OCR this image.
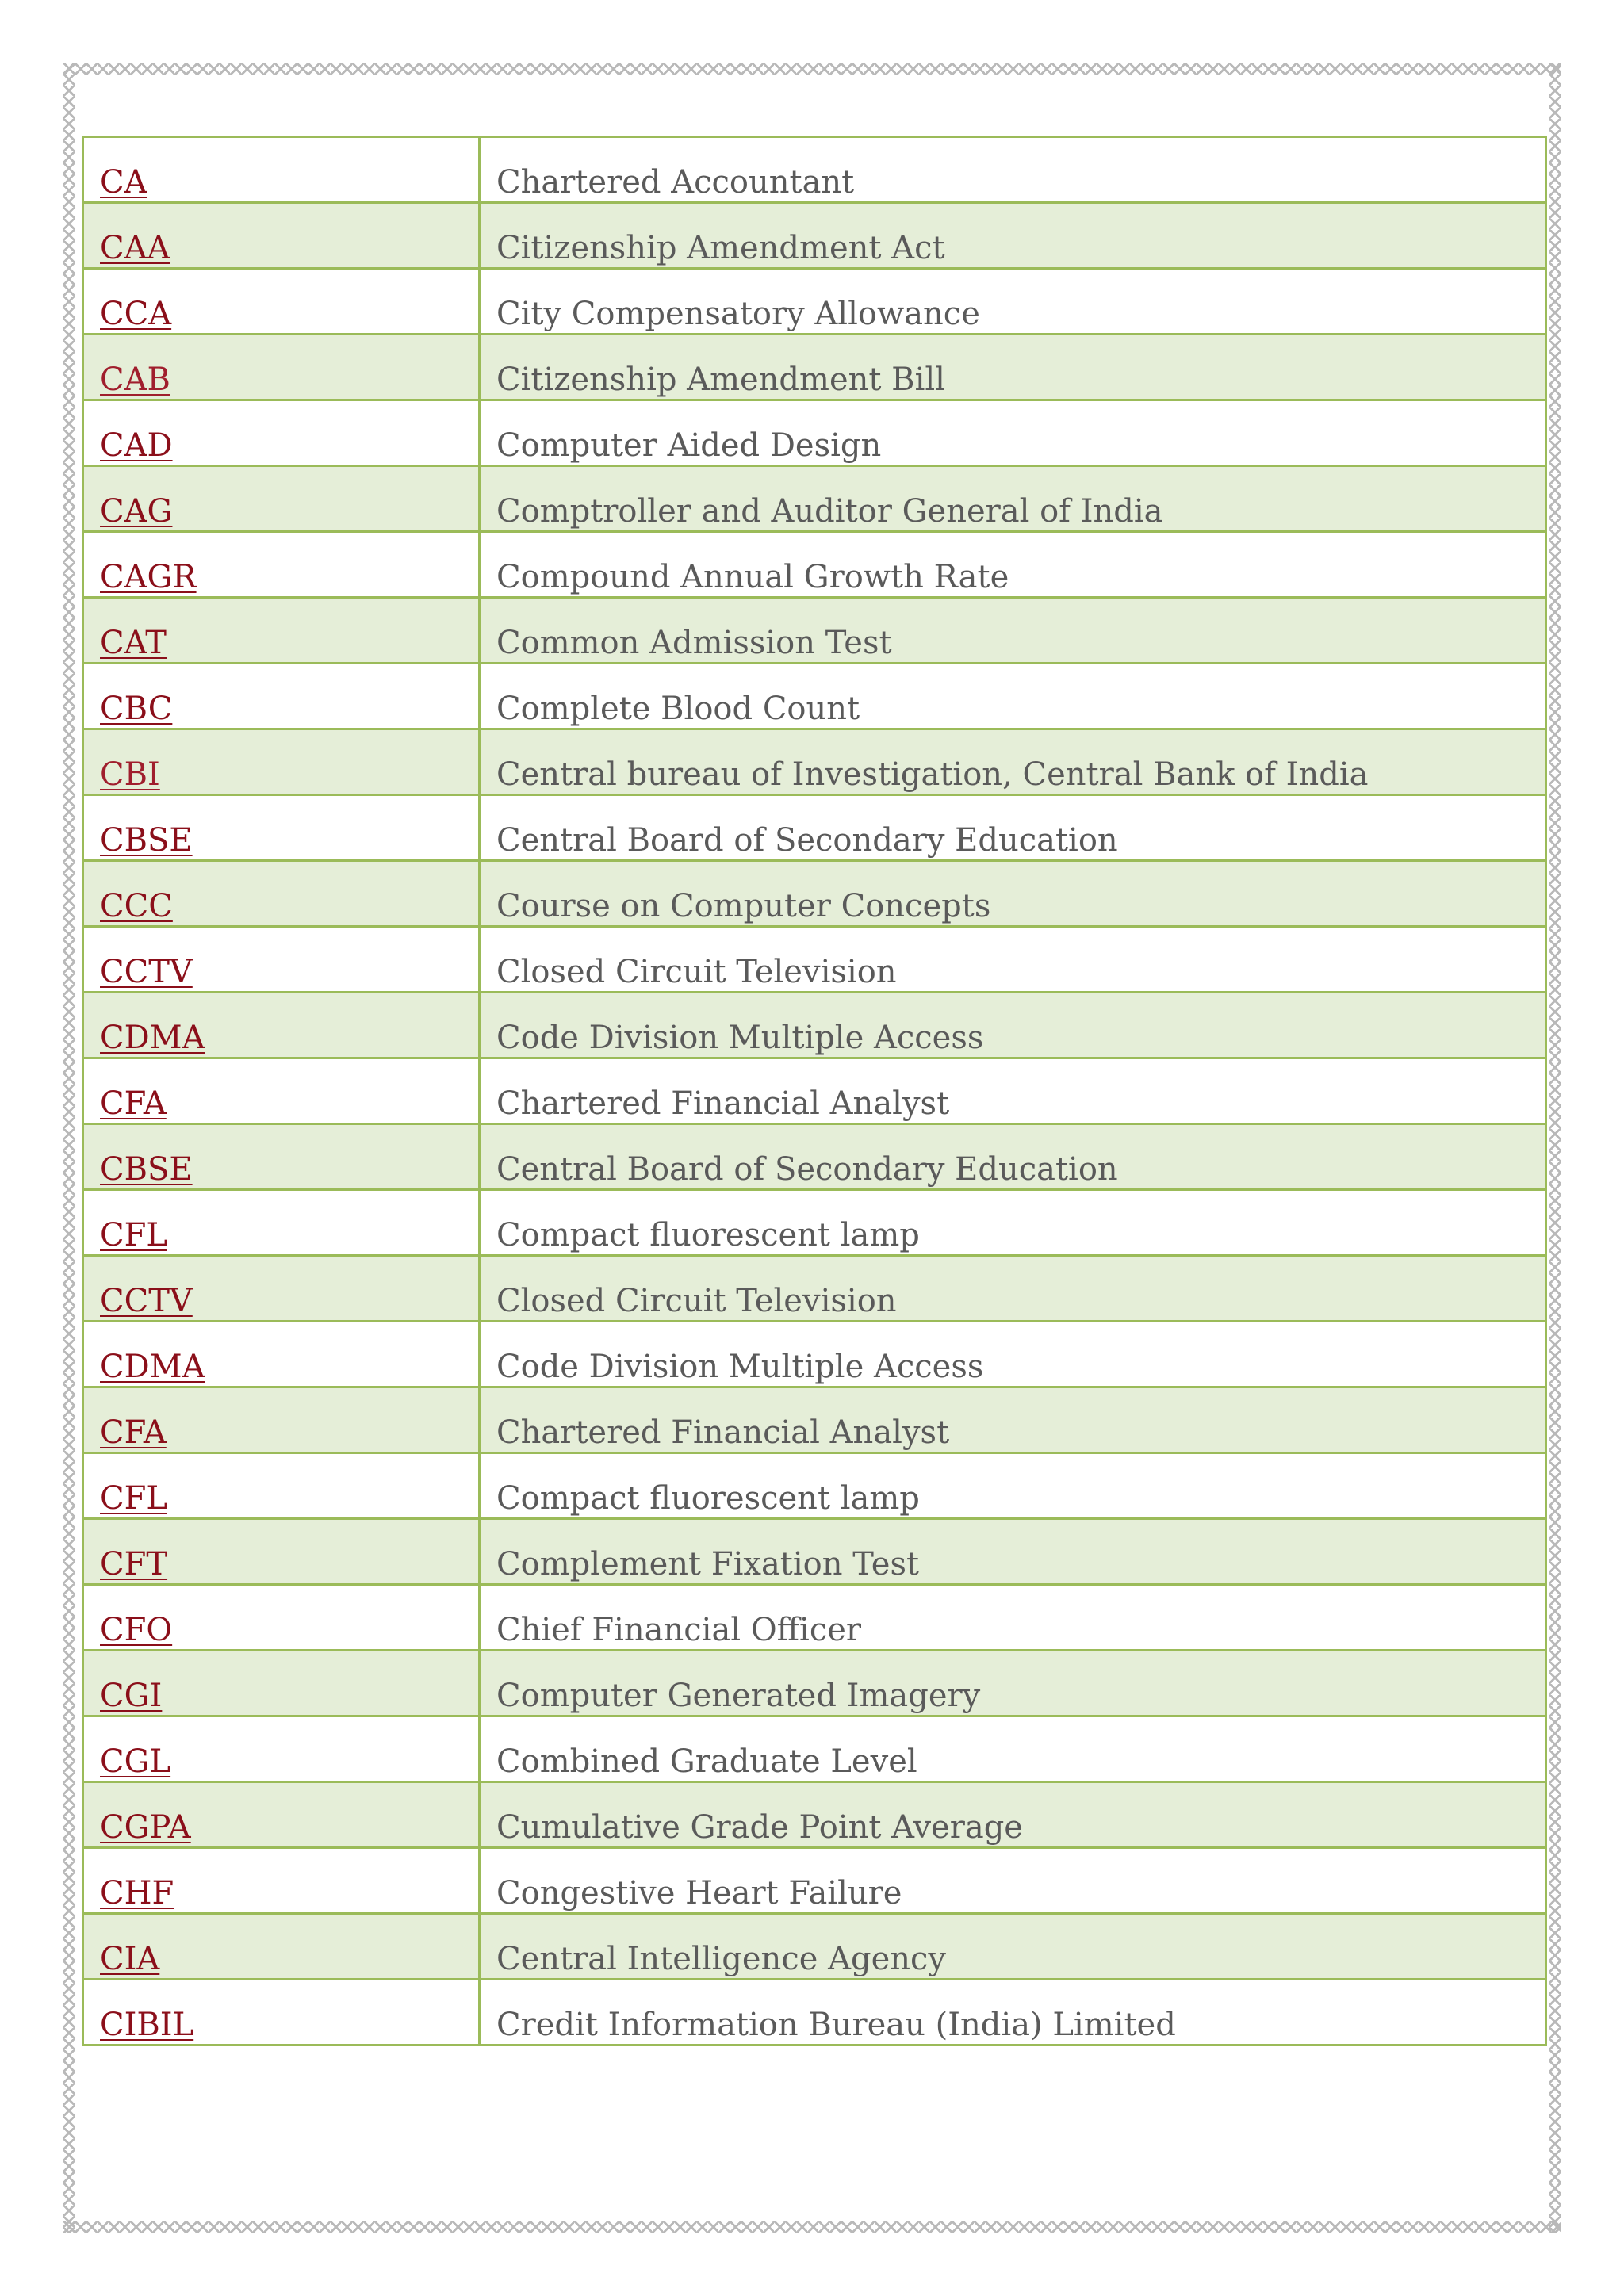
CA	Chartered Accountant
CAA	Citizenship Amendment Act
CCA	City Compensatory Allowance
CAB	Citizenship Amendment Bill
CAD	Computer Aided Design
CAG	Comptroller and Auditor General of India
CAGR	Compound Annual Growth Rate
CAT	Common Admission Test
CBC	Complete Blood Count
CBI	Central bureau of Investigation, Central Bank of India
CBSE	Central Board of Secondary Education
CCC	Course on Computer Concepts
CCTV	Closed Circuit Television
CDMA	Code Division Multiple Access
CFA	Chartered Financial Analyst
CBSE	Central Board of Secondary Education
CFL	Compact fluorescent lamp
CCTV	Closed Circuit Television
CDMA	Code Division Multiple Access
CFA	Chartered Financial Analyst
CFL	Compact fluorescent lamp
CFT	Complement Fixation Test
CFO	Chief Financial Officer
CGI	Computer Generated Imagery
CGL	Combined Graduate Level
CGPA	Cumulative Grade Point Average
CHF	Congestive Heart Failure
CIA	Central Intelligence Agency
CIBIL	Credit Information Bureau (India) Limited
